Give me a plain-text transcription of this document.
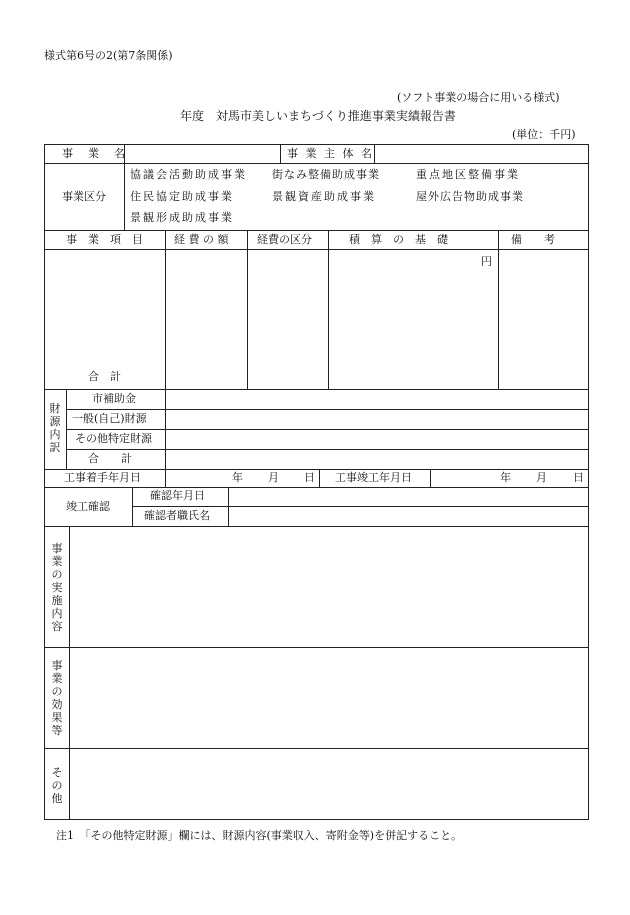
様式第6号の2(第7条関係)
(ソフト事業の場合に用いる様式)
年度　対馬市美しいまちづくり推進事業実績報告書
(単位：千円)
事　業　名	事 業 主 体 名
事業区分
協議会活動助成事業 街なみ整備助成事業	重点地区整備事業
住民協定助成事業	景観資産助成事業	屋外広告物助成事業
景観形成助成事業
事　業　項　目	経 費 の 額	経費の区分	積　算　の　基　礎	備　　考
円
合　計
財源内訳
市補助金
一般(自己)財源
その他特定財源
合　　計
工事着手年月日	年 月 日 工事竣工年月日	年 月 日
竣工確認
確認年月日
確認者職氏名
事業の実施内容
事業の効果等
その他
注1　「その他特定財源」欄には、財源内容(事業収入、寄附金等)を併記すること。
